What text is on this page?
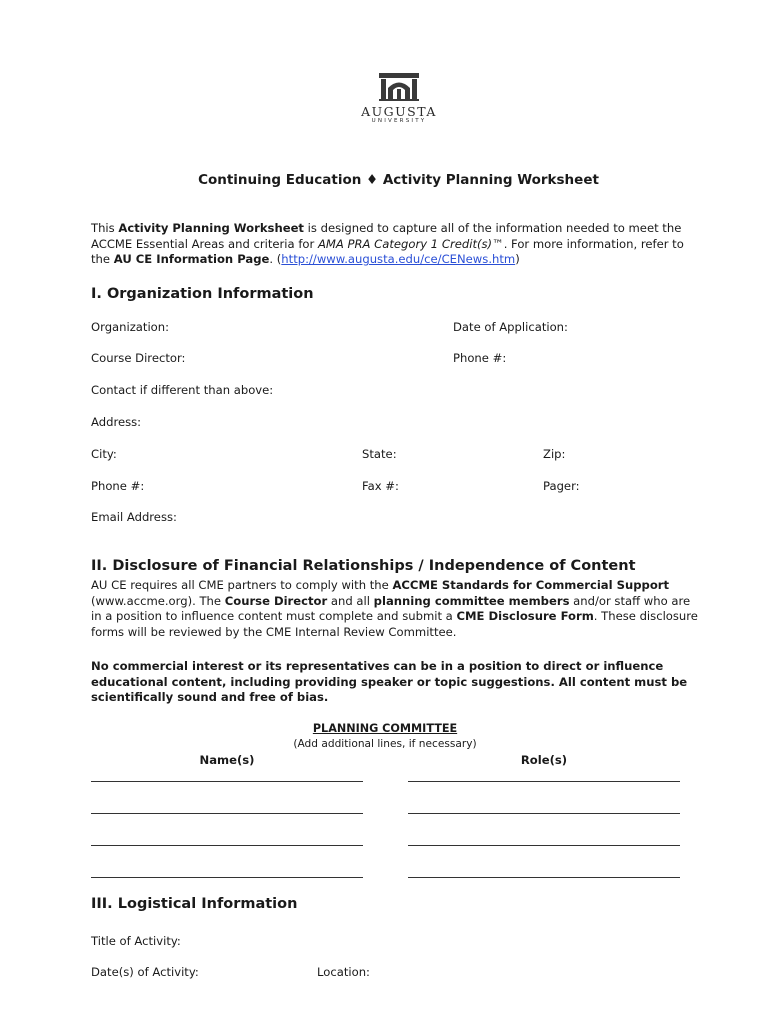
AUGUSTA
UNIVERSITY
Continuing Education ♦ Activity Planning Worksheet
This Activity Planning Worksheet is designed to capture all of the information needed to meet the ACCME Essential Areas and criteria for AMA PRA Category 1 Credit(s)™. For more information, refer to the AU CE Information Page. (http://www.augusta.edu/ce/CENews.htm)
I. Organization Information
Organization:	Date of Application:
Course Director:	Phone #:
Contact if different than above:
Address:
City:	State:	Zip:
Phone #:	Fax #:	Pager:
Email Address:
II. Disclosure of Financial Relationships / Independence of Content
AU CE requires all CME partners to comply with the ACCME Standards for Commercial Support (www.accme.org). The Course Director and all planning committee members and/or staff who are in a position to influence content must complete and submit a CME Disclosure Form. These disclosure forms will be reviewed by the CME Internal Review Committee.
No commercial interest or its representatives can be in a position to direct or influence educational content, including providing speaker or topic suggestions. All content must be scientifically sound and free of bias.
PLANNING COMMITTEE
(Add additional lines, if necessary)
Name(s)	Role(s)
III. Logistical Information
Title of Activity:
Date(s) of Activity:	Location:
